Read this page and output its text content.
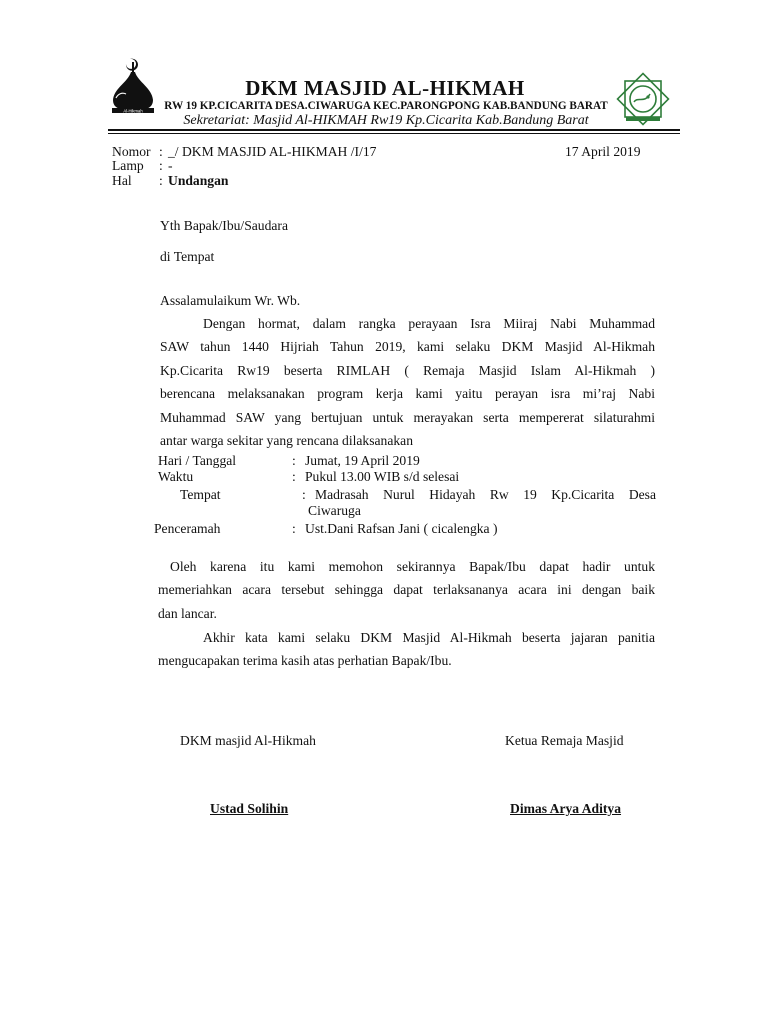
Al-Hikmah
DKM MASJID AL-HIKMAH
RW 19 KP.CICARITA DESA.CIWARUGA KEC.PARONGPONG KAB.BANDUNG BARAT
Sekretariat: Masjid Al-HIKMAH Rw19 Kp.Cicarita Kab.Bandung Barat
Nomor : _/ DKM MASJID AL-HIKMAH /I/17	17 April 2019
Lamp : -
Hal : Undangan
Yth Bapak/Ibu/Saudara
di Tempat
Assalamulaikum Wr. Wb.
Dengan hormat, dalam rangka perayaan Isra Miiraj Nabi Muhammad
SAW tahun 1440 Hijriah Tahun 2019, kami selaku DKM Masjid Al-Hikmah
Kp.Cicarita Rw19 beserta RIMLAH ( Remaja Masjid Islam Al-Hikmah )
berencana melaksanakan program kerja kami yaitu perayan isra mi’raj Nabi
Muhammad SAW yang bertujuan untuk merayakan serta mempererat silaturahmi
antar warga sekitar yang rencana dilaksanakan
Hari / Tanggal	: Jumat, 19 April 2019
Waktu	: Pukul 13.00 WIB s/d selesai
Tempat	: Madrasah Nurul Hidayah Rw 19 Kp.Cicarita Desa
Ciwaruga
Penceramah	: Ust.Dani Rafsan Jani ( cicalengka )
Oleh karena itu kami memohon sekirannya Bapak/Ibu dapat hadir untuk
memeriahkan acara tersebut sehingga dapat terlaksananya acara ini dengan baik
dan lancar.
Akhir kata kami selaku DKM Masjid Al-Hikmah beserta jajaran panitia
mengucapakan terima kasih atas perhatian Bapak/Ibu.
DKM masjid Al-Hikmah	Ketua Remaja Masjid
Ustad Solihin	Dimas Arya Aditya
